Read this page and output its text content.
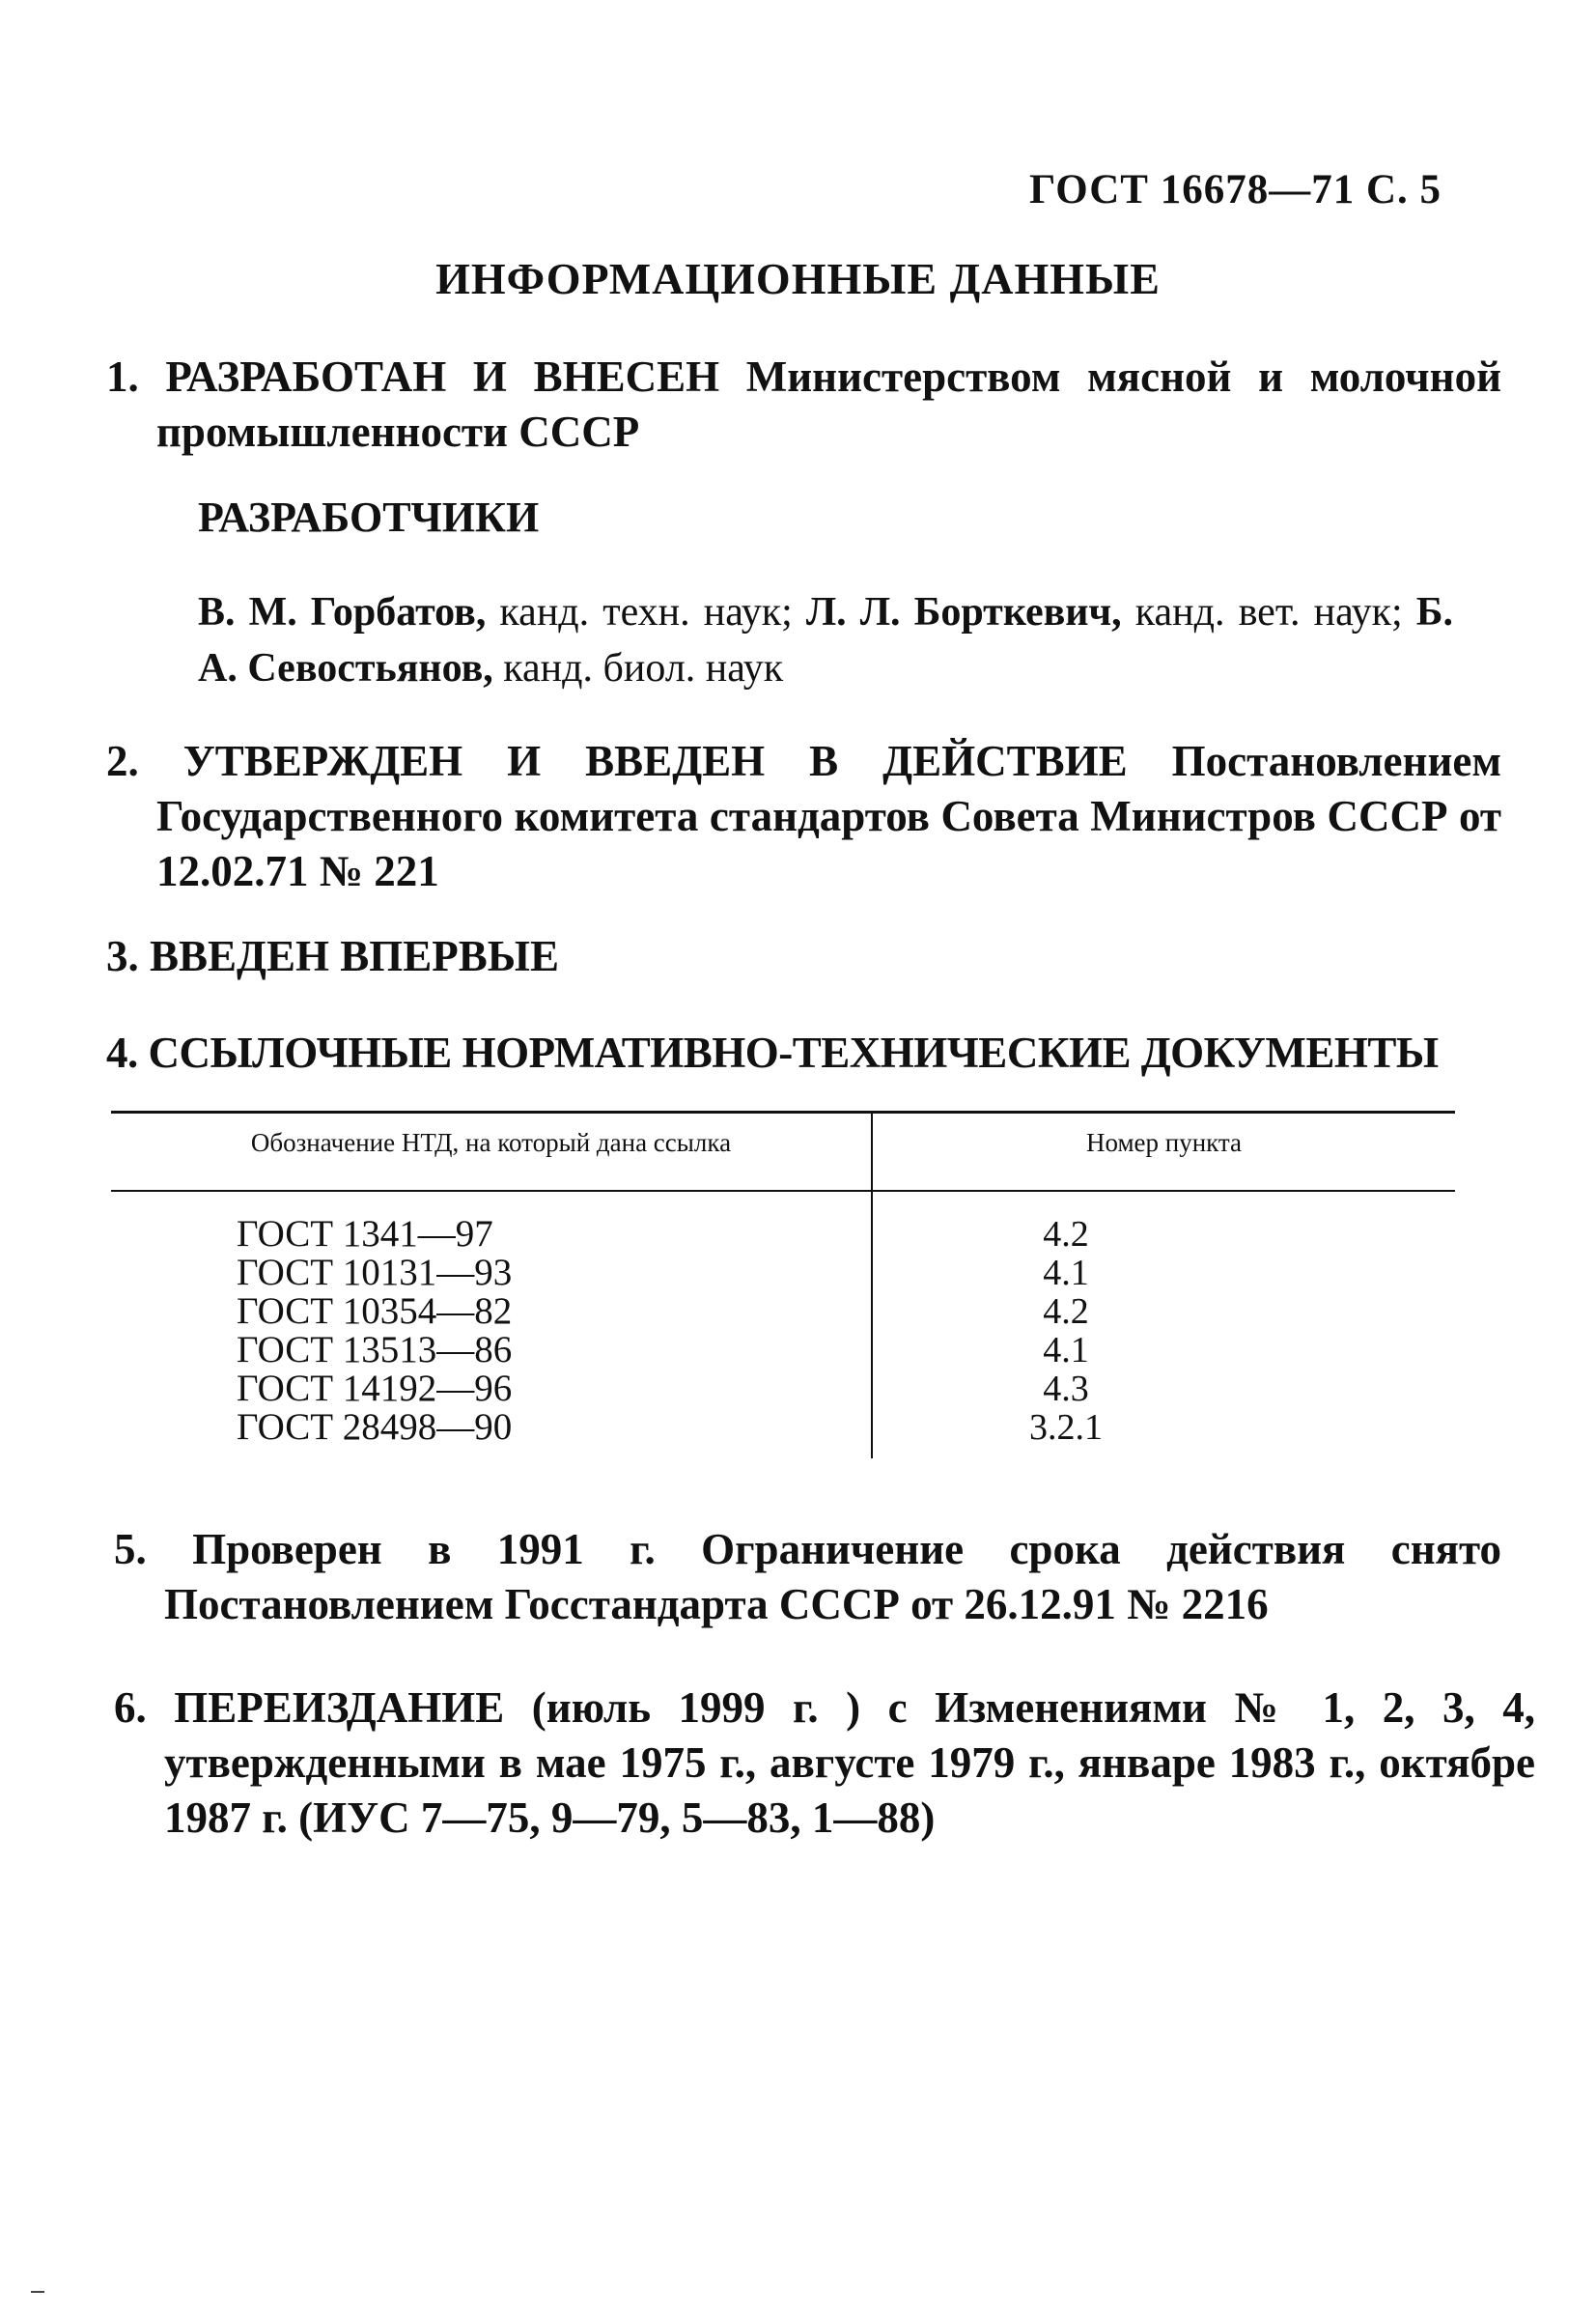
ГОСТ 16678—71 С. 5
ИНФОРМАЦИОННЫЕ ДАННЫЕ
1. РАЗРАБОТАН И ВНЕСЕН Министерством мясной и молочной промышленности СССР
РАЗРАБОТЧИКИ
В. М. Горбатов, канд. техн. наук; Л. Л. Борткевич, канд. вет. наук; Б. А. Севостьянов, канд. биол. наук
2. УТВЕРЖДЕН И ВВЕДЕН В ДЕЙСТВИЕ Постановлением Государственного комитета стандартов Совета Министров СССР от 12.02.71 № 221
3. ВВЕДЕН ВПЕРВЫЕ
4. ССЫЛОЧНЫЕ НОРМАТИВНО-ТЕХНИЧЕСКИЕ ДОКУМЕНТЫ
Обозначение НТД, на который дана ссылка	Номер пункта
ГОСТ 1341—97
ГОСТ 10131—93
ГОСТ 10354—82
ГОСТ 13513—86
ГОСТ 14192—96
ГОСТ 28498—90
4.2
4.1
4.2
4.1
4.3
3.2.1
5. Проверен в 1991 г. Ограничение срока действия снято Постановлением Госстандарта СССР от 26.12.91 № 2216
6. ПЕРЕИЗДАНИЕ (июль 1999 г. ) с Изменениями № 1, 2, 3, 4, утвержденными в мае 1975 г., августе 1979 г., январе 1983 г., октябре 1987 г. (ИУС 7—75, 9—79, 5—83, 1—88)
